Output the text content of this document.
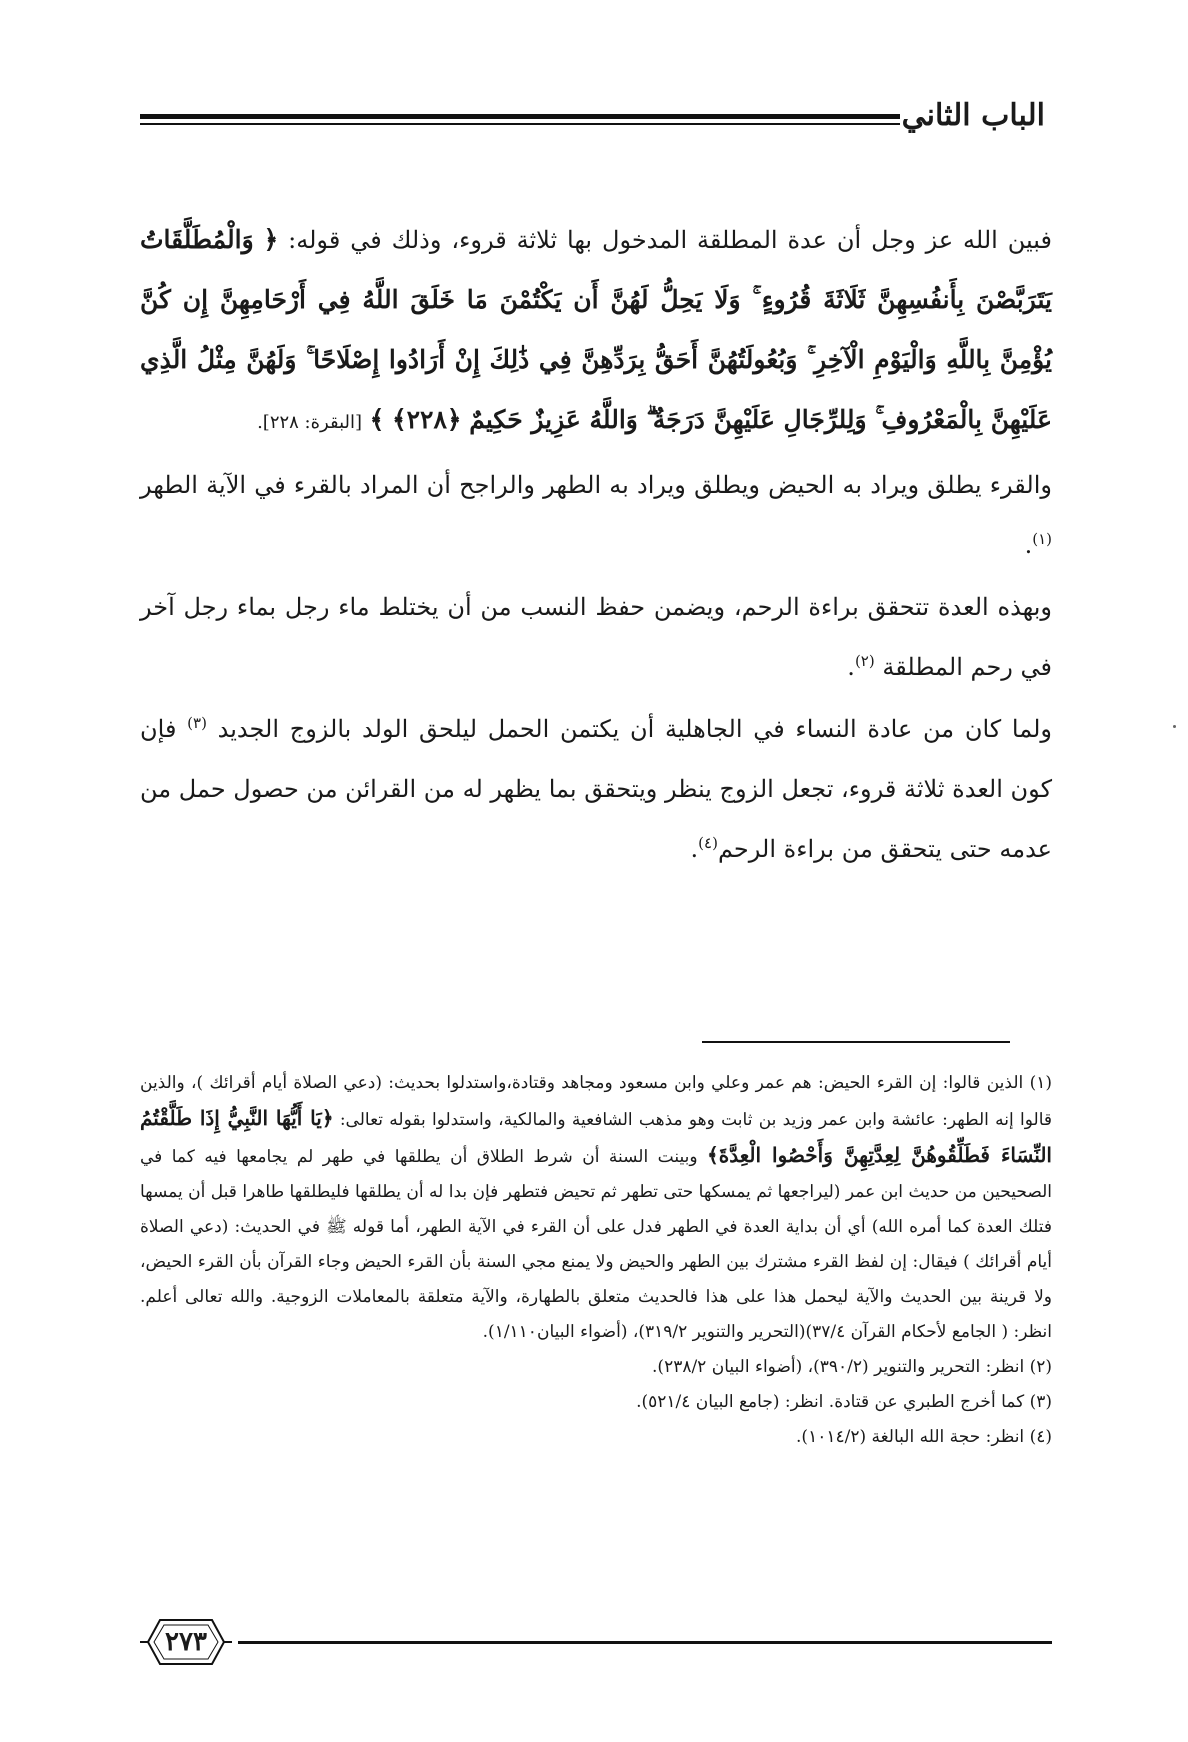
الباب الثاني

فبين الله عز وجل أن عدة المطلقة المدخول بها ثلاثة قروء، وذلك في قوله: ﴿ وَالْمُطَلَّقَاتُ يَتَرَبَّصْنَ بِأَنفُسِهِنَّ ثَلَاثَةَ قُرُوءٍ ۚ وَلَا يَحِلُّ لَهُنَّ أَن يَكْتُمْنَ مَا خَلَقَ اللَّهُ فِي أَرْحَامِهِنَّ إِن كُنَّ يُؤْمِنَّ بِاللَّهِ وَالْيَوْمِ الْآخِرِ ۚ وَبُعُولَتُهُنَّ أَحَقُّ بِرَدِّهِنَّ فِي ذَٰلِكَ إِنْ أَرَادُوا إِصْلَاحًا ۚ وَلَهُنَّ مِثْلُ الَّذِي عَلَيْهِنَّ بِالْمَعْرُوفِ ۚ وَلِلرِّجَالِ عَلَيْهِنَّ دَرَجَةٌ ۗ وَاللَّهُ عَزِيزٌ حَكِيمٌ ﴿٢٢٨﴾ ﴾ [البقرة: ٢٢٨].

والقرء يطلق ويراد به الحيض ويطلق ويراد به الطهر والراجح أن المراد بالقرء في الآية الطهر $^{(١)}$.

وبهذه العدة تتحقق براءة الرحم، ويضمن حفظ النسب من أن يختلط ماء رجل بماء رجل آخر في رحم المطلقة $^{(٢)}$.

ولما كان من عادة النساء في الجاهلية أن يكتمن الحمل ليلحق الولد بالزوج الجديد $^{(٣)}$ فإن كون العدة ثلاثة قروء، تجعل الزوج ينظر ويتحقق بما يظهر له من القرائن من حصول حمل من عدمه حتى يتحقق من براءة الرحم$^{(٤)}$.

(١) الذين قالوا: إن القرء الحيض: هم عمر وعلي وابن مسعود ومجاهد وقتادة،واستدلوا بحديث: (دعي الصلاة أيام أقرائك )، والذين قالوا إنه الطهر: عائشة وابن عمر وزيد بن ثابت وهو مذهب الشافعية والمالكية، واستدلوا بقوله تعالى: ﴿يَا أَيُّهَا النَّبِيُّ إِذَا طَلَّقْتُمُ النِّسَاءَ فَطَلِّقُوهُنَّ لِعِدَّتِهِنَّ وَأَحْصُوا الْعِدَّةَ﴾ وبينت السنة أن شرط الطلاق أن يطلقها في طهر لم يجامعها فيه كما في الصحيحين من حديث ابن عمر (ليراجعها ثم يمسكها حتى تطهر ثم تحيض فتطهر فإن بدا له أن يطلقها فليطلقها طاهرا قبل أن يمسها فتلك العدة كما أمره الله) أي أن بداية العدة في الطهر فدل على أن القرء في الآية الطهر، أما قوله ﷺ في الحديث: (دعي الصلاة أيام أقرائك ) فيقال: إن لفظ القرء مشترك بين الطهر والحيض ولا يمنع مجي السنة بأن القرء الحيض وجاء القرآن بأن القرء الحيض، ولا قرينة بين الحديث والآية ليحمل هذا على هذا فالحديث متعلق بالطهارة، والآية متعلقة بالمعاملات الزوجية. والله تعالى أعلم. انظر: ( الجامع لأحكام القرآن ٣٧/٤)(التحرير والتنوير ٣١٩/٢)، (أضواء البيان١/١١٠).

(٢) انظر: التحرير والتنوير (٣٩٠/٢)، (أضواء البيان ٢٣٨/٢).

(٣) كما أخرج الطبري عن قتادة. انظر: (جامع البيان ٥٢١/٤).

(٤) انظر: حجة الله البالغة (١٠١٤/٢).

٢٧٣
